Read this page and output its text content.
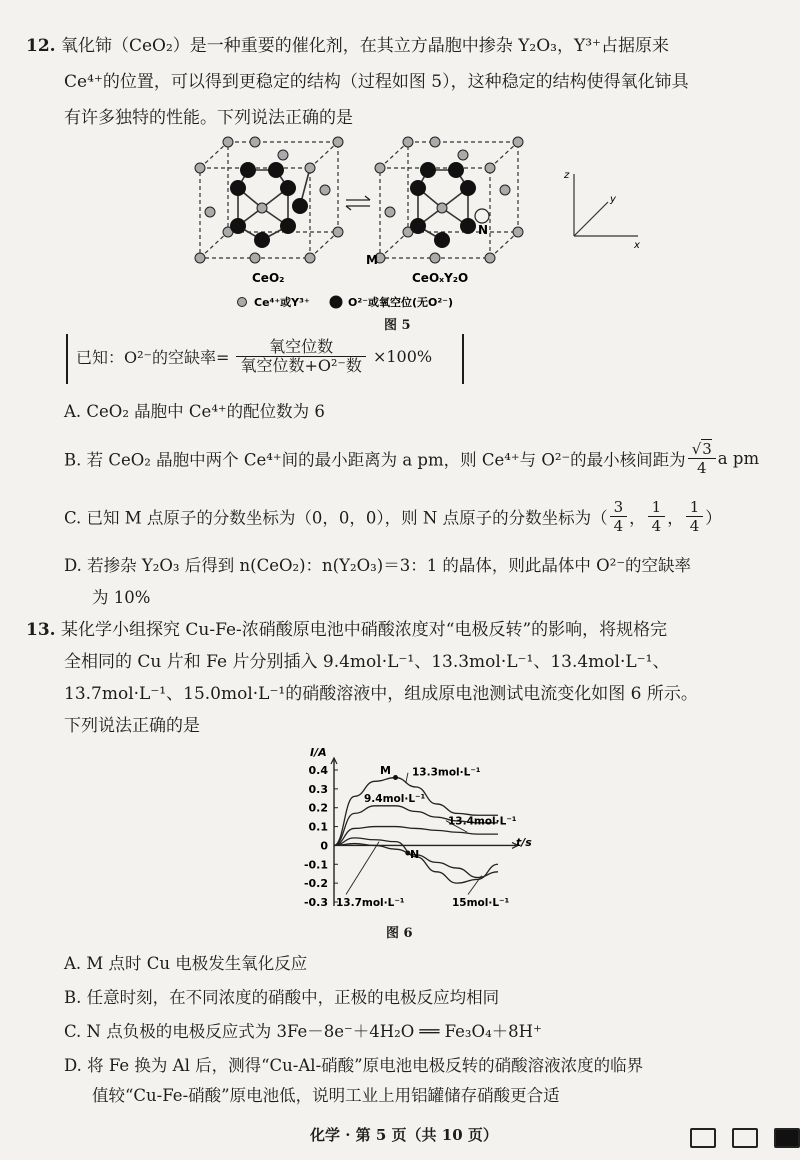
12. 氧化铈（CeO₂）是一种重要的催化剂，在其立方晶胞中掺杂 Y₂O₃，Y³⁺占据原来
Ce⁴⁺的位置，可以得到更稳定的结构（过程如图 5），这种稳定的结构使得氧化铈具
有许多独特的性能。下列说法正确的是
CeO₂
M
N
CeOₓY₂O
Ce⁴⁺或Y³⁺	O²⁻或氧空位(无O²⁻)
z
y
x
图 5
已知：O²⁻的空缺率= $\frac{\text{氧空位数}}{\text{氧空位数+O²⁻数}} \times 100\%$
A. CeO₂ 晶胞中 Ce⁴⁺的配位数为 6
B. 若 CeO₂ 晶胞中两个 Ce⁴⁺间的最小距离为 a pm，则 Ce⁴⁺与 O²⁻的最小核间距为 $\frac{√3}{4}$ a pm
C. 已知 M 点原子的分数坐标为（0，0，0），则 N 点原子的分数坐标为（ $\frac{3}{4}$ ， $\frac{1}{4}$ ， $\frac{1}{4}$ ）
D. 若掺杂 Y₂O₃ 后得到 n(CeO₂)：n(Y₂O₃)＝3：1 的晶体，则此晶体中 O²⁻的空缺率
为 10%
13. 某化学小组探究 Cu-Fe-浓硝酸原电池中硝酸浓度对“电极反转”的影响，将规格完
全相同的 Cu 片和 Fe 片分别插入 9.4mol·L⁻¹、13.3mol·L⁻¹、13.4mol·L⁻¹、
13.7mol·L⁻¹、15.0mol·L⁻¹的硝酸溶液中，组成原电池测试电流变化如图 6 所示。
下列说法正确的是
0.4
0.3
0.2
0.1
0
-0.1
-0.2
-0.3
13.3mol·L⁻¹
9.4mol·L⁻¹
13.4mol·L⁻¹
13.7mol·L⁻¹	15mol·L⁻¹
I/A
t/s
M
N
图 6
A. M 点时 Cu 电极发生氧化反应
B. 任意时刻，在不同浓度的硝酸中，正极的电极反应均相同
C. N 点负极的电极反应式为 3Fe－8e⁻＋4H₂O ══ Fe₃O₄＋8H⁺
D. 将 Fe 换为 Al 后，测得“Cu-Al-硝酸”原电池电极反转的硝酸溶液浓度的临界
值较“Cu-Fe-硝酸”原电池低，说明工业上用铝罐储存硝酸更合适
化学 · 第 5 页（共 10 页）
